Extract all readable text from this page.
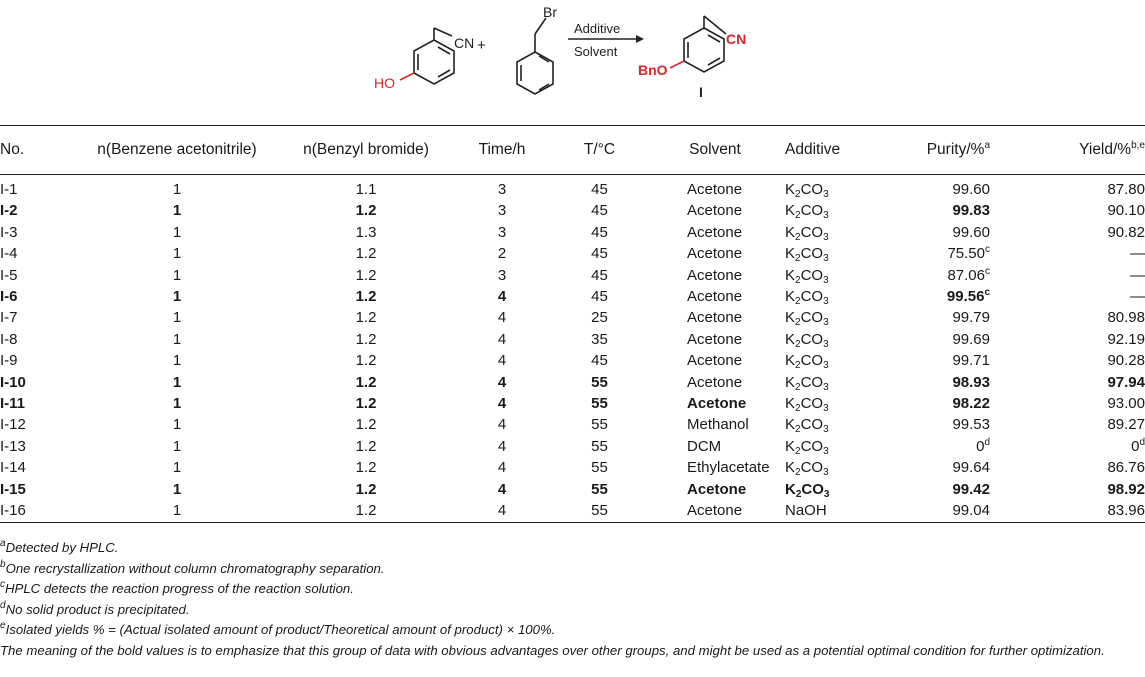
CN
HO
+
Br
Additive
Solvent
BnO
CN
I
No.	n(Benzene acetonitrile)	n(Benzyl bromide)	Time/h	T/°C	Solvent	Additive	Purity/%$^a$	Yield/%$^{b,e}$
I-1	1	1.1	3	45	Acetone	$K_2CO_3$	99.60	87.80
I-2	1	1.2	3	45	Acetone	$K_2CO_3$	99.83	90.10
I-3	1	1.3	3	45	Acetone	$K_2CO_3$	99.60	90.82
I-4	1	1.2	2	45	Acetone	$K_2CO_3$	75.50$^c$	—
I-5	1	1.2	3	45	Acetone	$K_2CO_3$	87.06$^c$	—
I-6	1	1.2	4	45	Acetone	$K_2CO_3$	99.56$^c$	—
I-7	1	1.2	4	25	Acetone	$K_2CO_3$	99.79	80.98
I-8	1	1.2	4	35	Acetone	$K_2CO_3$	99.69	92.19
I-9	1	1.2	4	45	Acetone	$K_2CO_3$	99.71	90.28
I-10	1	1.2	4	55	Acetone	$K_2CO_3$	98.93	97.94
I-11	1	1.2	4	55	Acetone	$K_2CO_3$	98.22	93.00
I-12	1	1.2	4	55	Methanol	$K_2CO_3$	99.53	89.27
I-13	1	1.2	4	55	DCM	$K_2CO_3$	0$^d$	0$^d$
I-14	1	1.2	4	55	Ethylacetate	$K_2CO_3$	99.64	86.76
I-15	1	1.2	4	55	Acetone	$K_2CO_3$	99.42	98.92
I-16	1	1.2	4	55	Acetone	NaOH	99.04	83.96
$^a$Detected by HPLC.
$^b$One recrystallization without column chromatography separation.
$^c$HPLC detects the reaction progress of the reaction solution.
$^d$No solid product is precipitated.
$^e$Isolated yields % = (Actual isolated amount of product/Theoretical amount of product) × 100%.
The meaning of the bold values is to emphasize that this group of data with obvious advantages over other groups, and might be used as a potential optimal condition for further optimization.
